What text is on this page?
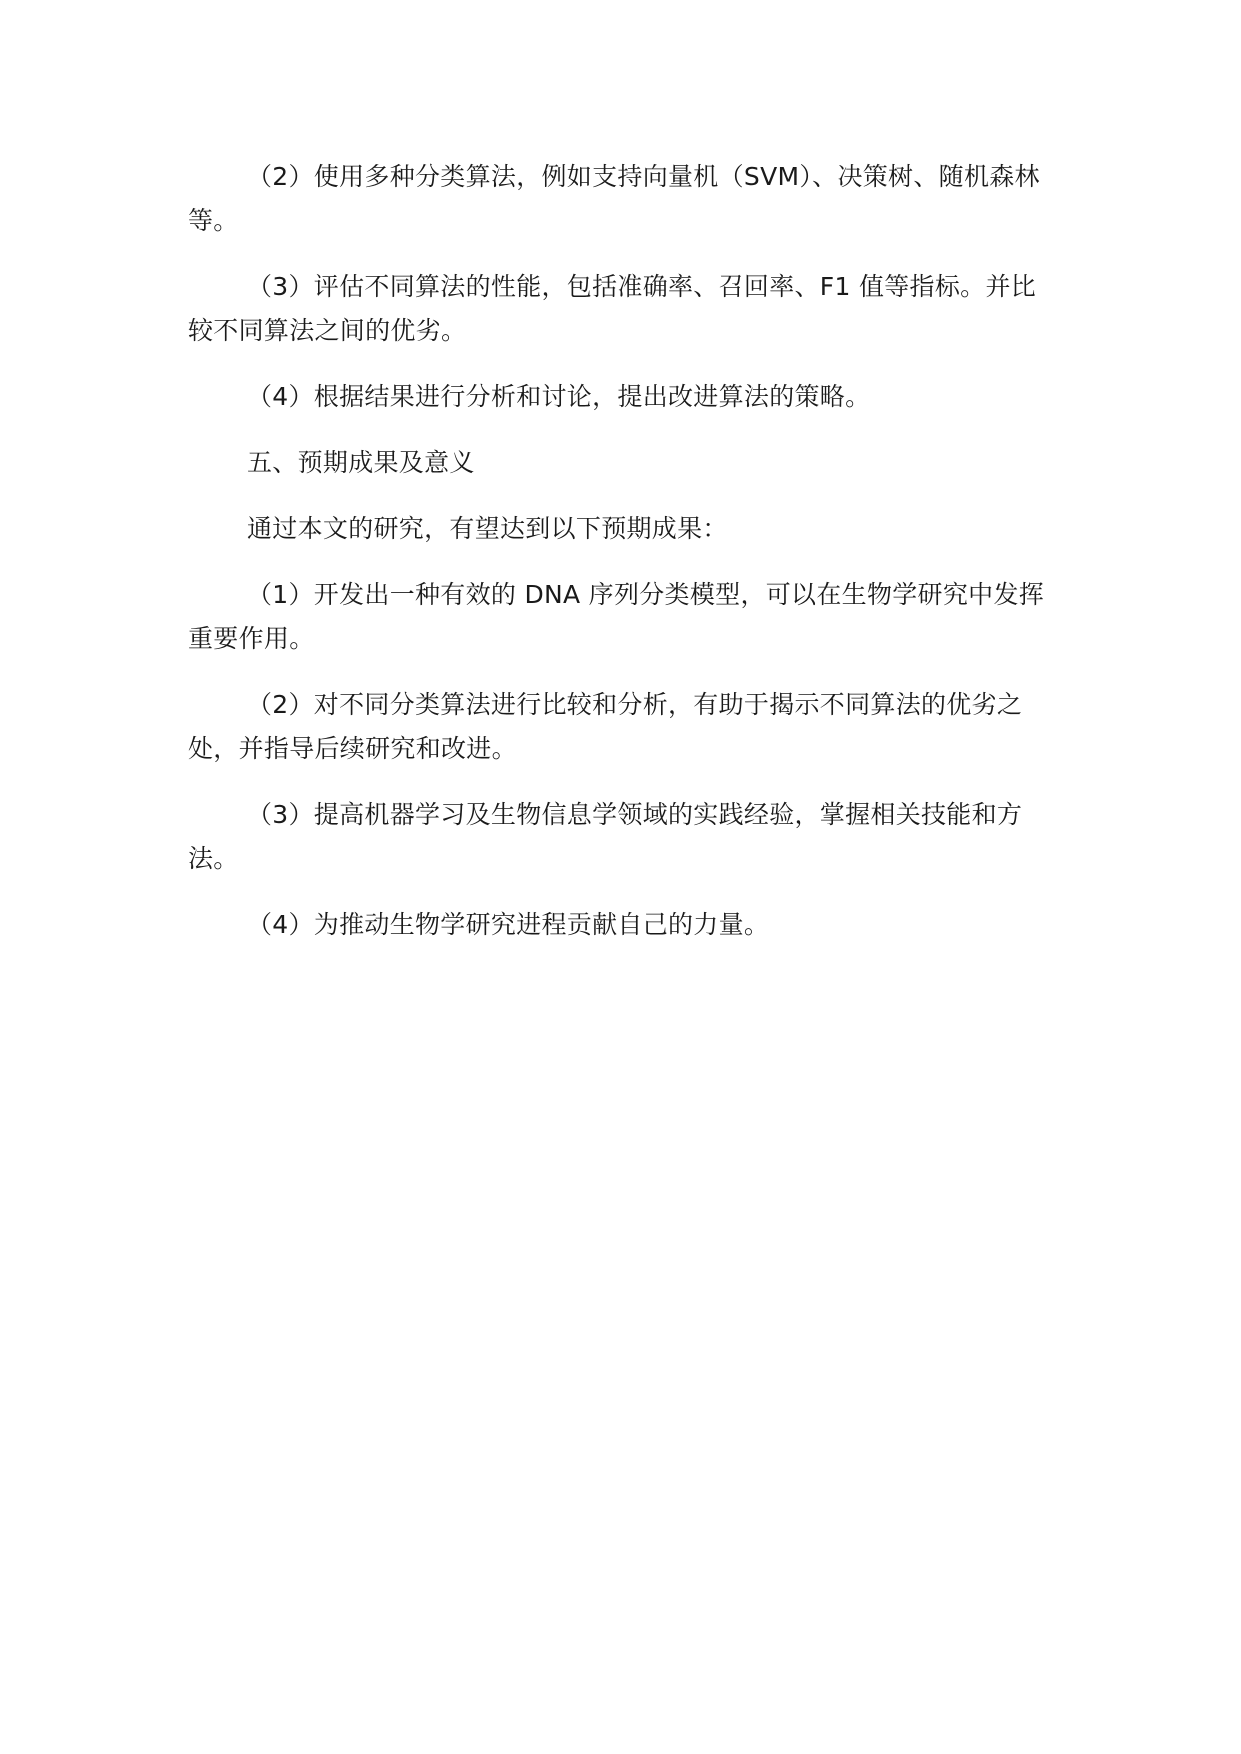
（2）使用多种分类算法，例如支持向量机（SVM）、决策树、随机森林等。

（3）评估不同算法的性能，包括准确率、召回率、F1 值等指标。并比较不同算法之间的优劣。

（4）根据结果进行分析和讨论，提出改进算法的策略。

五、预期成果及意义

通过本文的研究，有望达到以下预期成果：

（1）开发出一种有效的 DNA 序列分类模型，可以在生物学研究中发挥重要作用。

（2）对不同分类算法进行比较和分析，有助于揭示不同算法的优劣之处，并指导后续研究和改进。

（3）提高机器学习及生物信息学领域的实践经验，掌握相关技能和方法。

（4）为推动生物学研究进程贡献自己的力量。
